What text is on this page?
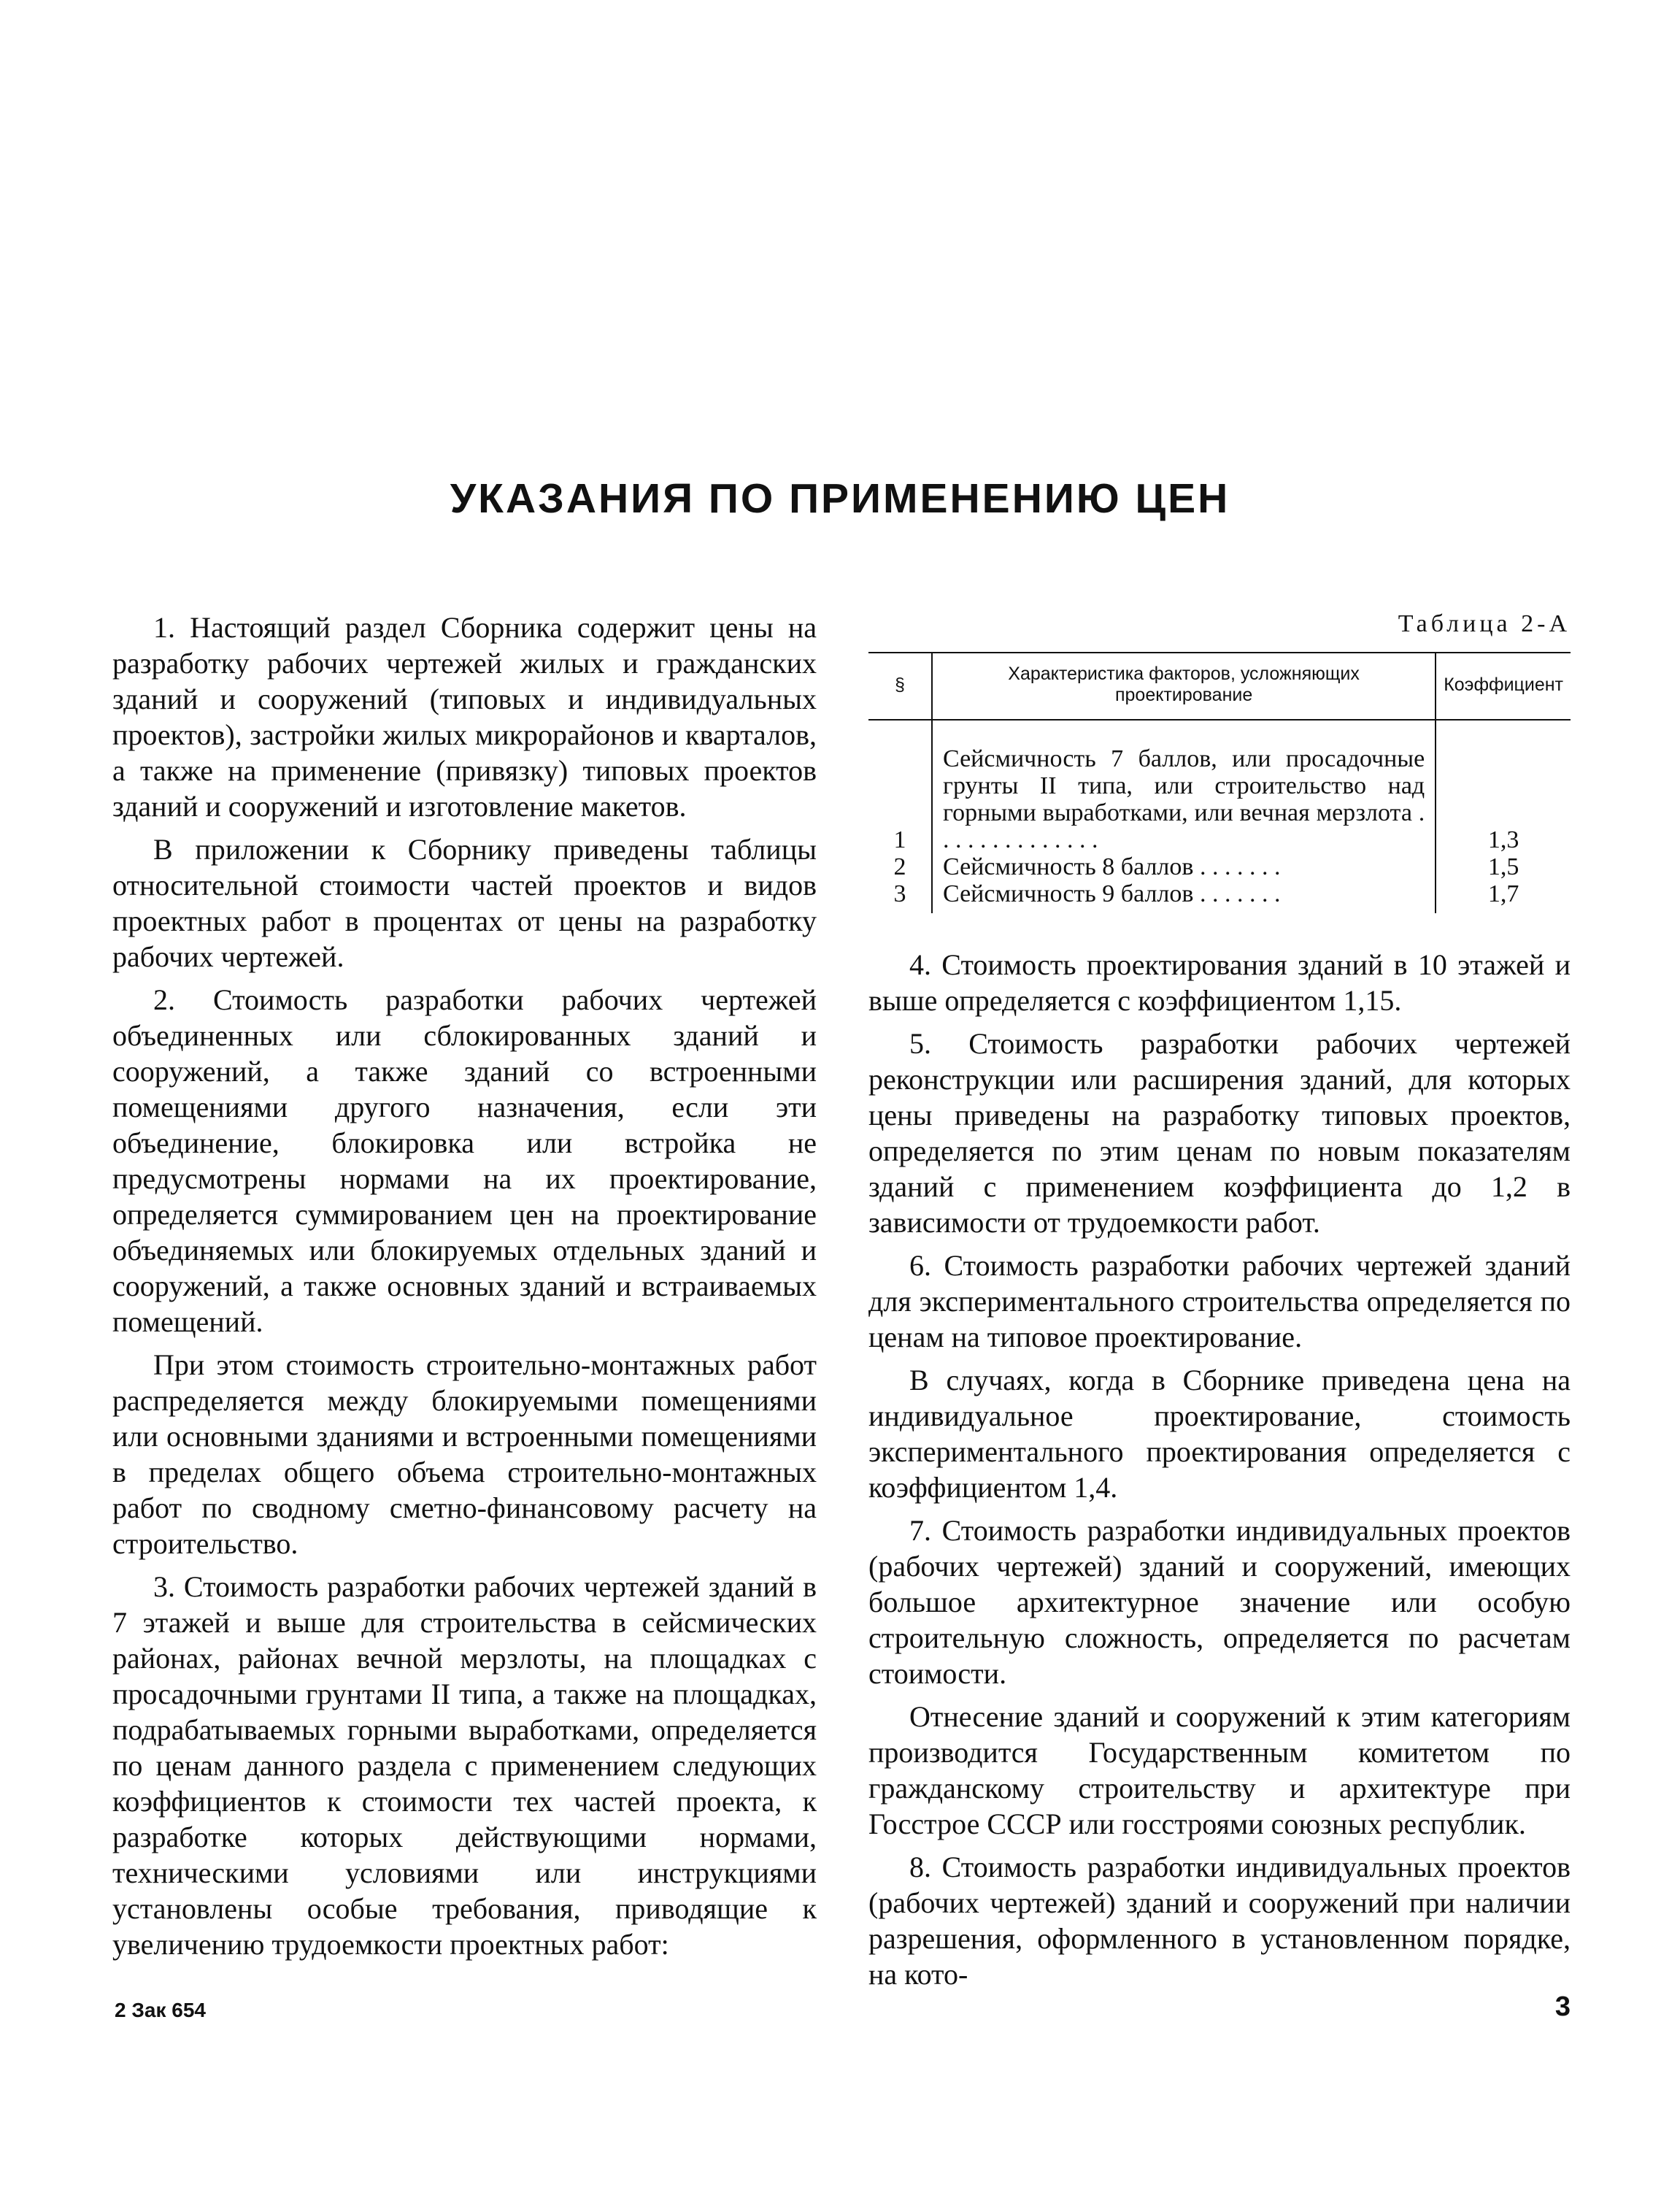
УКАЗАНИЯ ПО ПРИМЕНЕНИЮ ЦЕН

1. Настоящий раздел Сборника содержит цены на разработку рабочих чертежей жилых и гражданских зданий и сооружений (типовых и индивидуальных проектов), застройки жилых микрорайонов и кварталов, а также на применение (привязку) типовых проектов зданий и сооружений и изготовление макетов.

В приложении к Сборнику приведены таблицы относительной стоимости частей проектов и видов проектных работ в процентах от цены на разработку рабочих чертежей.

2. Стоимость разработки рабочих чертежей объединенных или сблокированных зданий и сооружений, а также зданий со встроенными помещениями другого назначения, если эти объединение, блокировка или встройка не предусмотрены нормами на их проектирование, определяется суммированием цен на проектирование объединяемых или блокируемых отдельных зданий и сооружений, а также основных зданий и встраиваемых помещений.

При этом стоимость строительно-монтажных работ распределяется между блокируемыми помещениями или основными зданиями и встроенными помещениями в пределах общего объема строительно-монтажных работ по сводному сметно-финансовому расчету на строительство.

3. Стоимость разработки рабочих чертежей зданий в 7 этажей и выше для строительства в сейсмических районах, районах вечной мерзлоты, на площадках с просадочными грунтами II типа, а также на площадках, подрабатываемых горными выработками, определяется по ценам данного раздела с применением следующих коэффициентов к стоимости тех частей проекта, к разработке которых действующими нормами, техническими условиями или инструкциями установлены особые требования, приводящие к увеличению трудоемкости проектных работ:

Таблица 2-А
§	Характеристика факторов, усложняющих проектирование	Коэффициент
1	Сейсмичность 7 баллов, или просадочные грунты II типа, или строительство над горными выработками, или вечная мерзлота . . . . . . . . . . . . . .	1,3
2	Сейсмичность 8 баллов . . . . . . .	1,5
3	Сейсмичность 9 баллов . . . . . . .	1,7

4. Стоимость проектирования зданий в 10 этажей и выше определяется с коэффициентом 1,15.

5. Стоимость разработки рабочих чертежей реконструкции или расширения зданий, для которых цены приведены на разработку типовых проектов, определяется по этим ценам по новым показателям зданий с применением коэффициента до 1,2 в зависимости от трудоемкости работ.

6. Стоимость разработки рабочих чертежей зданий для экспериментального строительства определяется по ценам на типовое проектирование.

В случаях, когда в Сборнике приведена цена на индивидуальное проектирование, стоимость экспериментального проектирования определяется с коэффициентом 1,4.

7. Стоимость разработки индивидуальных проектов (рабочих чертежей) зданий и сооружений, имеющих большое архитектурное значение или особую строительную сложность, определяется по расчетам стоимости.

Отнесение зданий и сооружений к этим категориям производится Государственным комитетом по гражданскому строительству и архитектуре при Госстрое СССР или госстроями союзных республик.

8. Стоимость разработки индивидуальных проектов (рабочих чертежей) зданий и сооружений при наличии разрешения, оформленного в установленном порядке, на кото-

2 Зак 654	3
